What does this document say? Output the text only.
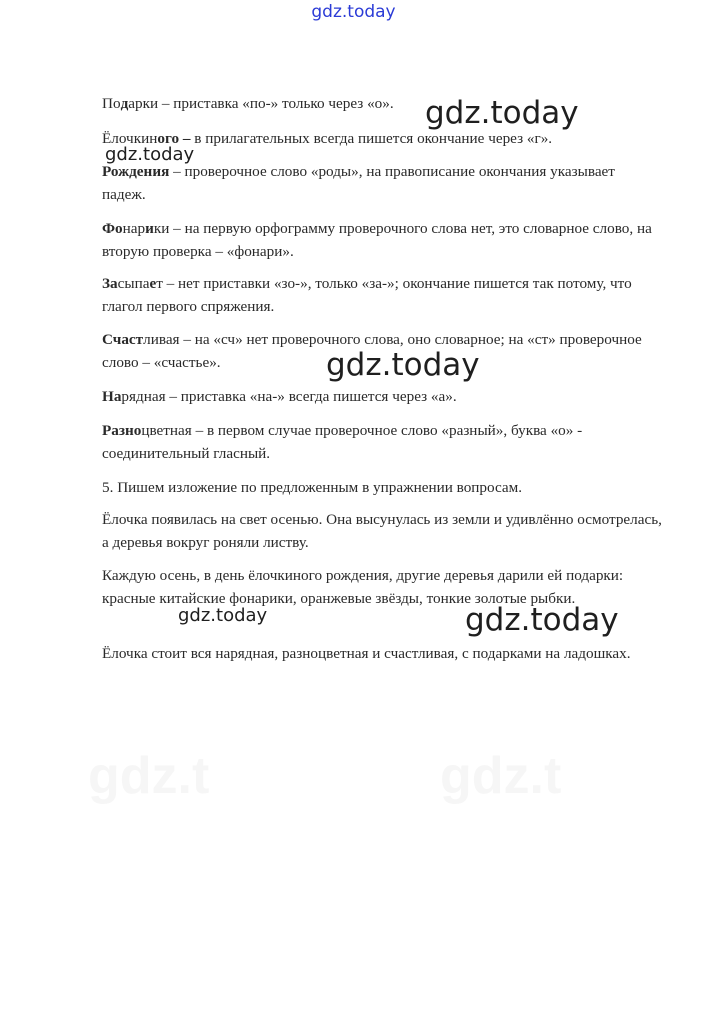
gdz.today
gdz.t	gdz.t

Подарки – приставка «по-» только через «о».

Ёлочкиного – в прилагательных всегда пишется окончание через «г».

Рождения – проверочное слово «роды», на правописание окончания указывает падеж.

Фонарики – на первую орфограмму проверочного слова нет, это словарное слово, на вторую проверка – «фонари».

Засыпает – нет приставки «зо-», только «за-»; окончание пишется так потому, что глагол первого спряжения.

Счастливая – на «сч» нет проверочного слова, оно словарное; на «ст» проверочное слово – «счастье».

Нарядная – приставка «на-» всегда пишется через «а».

Разноцветная – в первом случае проверочное слово «разный», буква «о» - соединительный гласный.

5. Пишем изложение по предложенным в упражнении вопросам.

Ёлочка появилась на свет осенью. Она высунулась из земли и удивлённо осмотрелась, а деревья вокруг роняли листву.

Каждую осень, в день ёлочкиного рождения, другие деревья дарили ей подарки: красные китайские фонарики, оранжевые звёзды, тонкие золотые рыбки.

Ёлочка стоит вся нарядная, разноцветная и счастливая, с подарками на ладошках.

gdz.today
gdz.today
gdz.today
gdz.today	gdz.today
